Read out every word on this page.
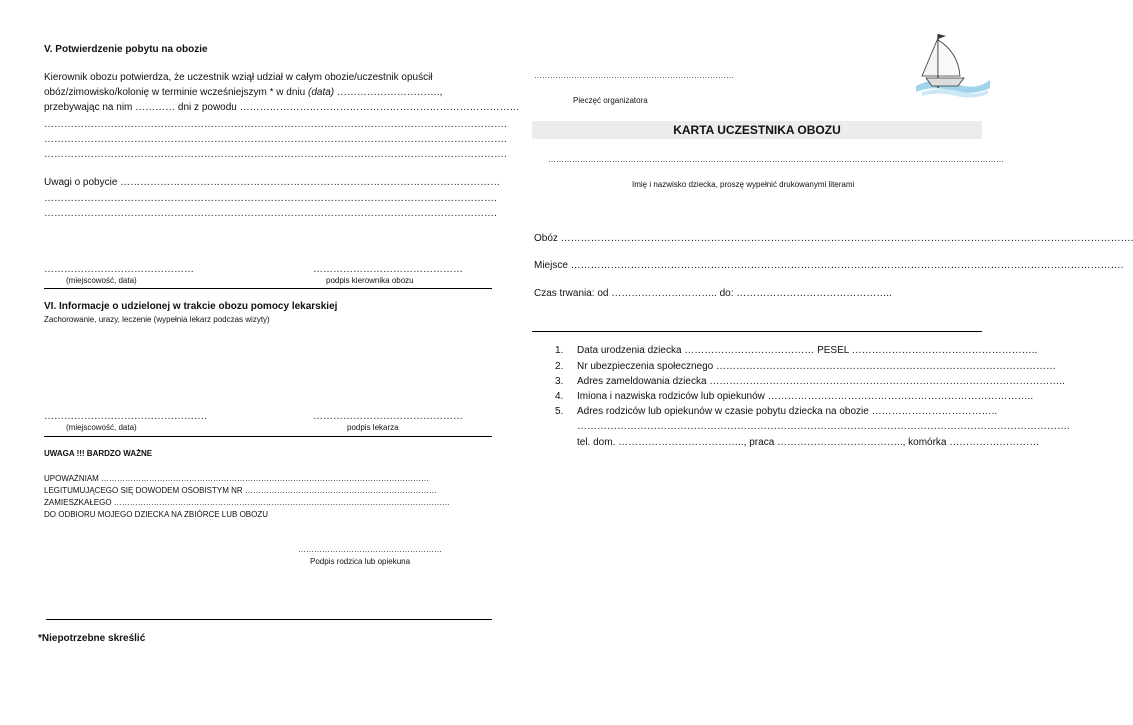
V. Potwierdzenie pobytu na obozie
Kierownik obozu potwierdza, że uczestnik wziął udział w całym obozie/uczestnik opuścił
obóz/zimowisko/kolonię w terminie wcześniejszym * w dniu (data) ………………………….,
przebywając na nim ………… dni z powodu …………………………………………………………………………
………………………………………………………………………………………………………………………….
………………………………………………………………………………………………………………………….
………………………………………………………………………………………………………………………….
Uwagi o pobycie ……………………………………………………………………………………………………
……………………………………………………………………………………………………………………….
……………………………………………………………………………………………………………………….
………………………………………
(miejscowość, data)
………………………………………
podpis kierownika obozu
VI. Informacje o udzielonej w trakcie obozu pomocy lekarskiej
Zachorowanie, urazy, leczenie (wypełnia lekarz podczas wizyty)
………………………………………….
(miejscowość, data)
………………………………………
podpis lekarza
UWAGA !!! BARDZO WAŻNE
UPOWAŻNIAM ……………………………………………………………………………………………………………
LEGITUMUJĄCEGO SIĘ DOWODEM OSOBISTYM NR ………………………………………………………………
ZAMIESZKAŁEGO ………………………………………………………………………………………………………………
DO ODBIORU MOJEGO DZIECKA NA ZBIÓRCE LUB OBOZU
………………………………………………
Podpis rodzica lub opiekuna
*Niepotrzebne skreślić
…………………………………………………………………
Pieczęć organizatora
KARTA UCZESTNIKA OBOZU
………………………………………………………………………………………………………………………………………………………
Imię i nazwisko dziecka, proszę wypełnić drukowanymi literami
Obóz ……………………………………………………………………………………………………………………………………………………….
Miejsce ………………………………………………………………………………………………………………………………………………….
Czas trwania: od ………………………….. do: ………………………………………..
1. Data urodzenia dziecka ………………………………… PESEL ………………………………………………..
2. Nr ubezpieczenia społecznego …………………………………………………………………………………………
3. Adres zameldowania dziecka ……………………………………………………………………………………………..
4. Imiona i nazwiska rodziców lub opiekunów ……………………………………………………………………..
5. Adres rodziców lub opiekunów w czasie pobytu dziecka na obozie ………………………………..
………………………………………………………………………………………………………………………………….
tel. dom. ……………………………….., praca ……………………………….., komórka ………………………
